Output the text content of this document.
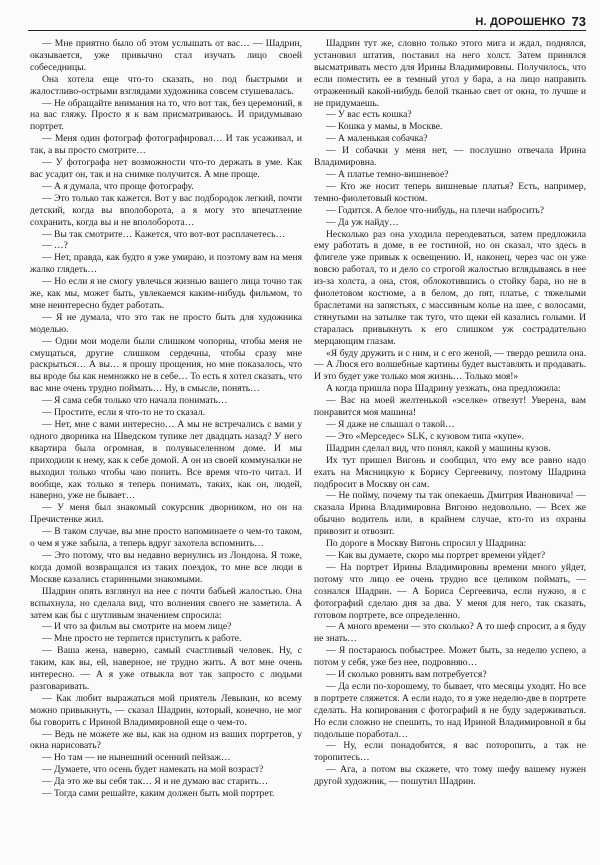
Н. ДОРОШЕНКО 73

— Мне приятно было об этом услышать от вас… — Шадрин, оказывается, уже привычно стал изучать лицо своей собеседницы.

Она хотела еще что-то сказать, но под быстрыми и жалостливо-острыми взглядами художника совсем стушевалась.

— Не обращайте внимания на то, что вот так, без церемоний, я на вас гляжу. Просто я к вам присматриваюсь. И придумываю портрет.

— Меня один фотограф фотографировал… И так усаживал, и так, а вы просто смотрите…

— У фотографа нет возможности что-то держать в уме. Как вас усадит он, так и на снимке получится. А мне проще.

— А я думала, что проще фотографу.

— Это только так кажется. Вот у вас подбородок легкий, почти детский, когда вы вполоборота, а я могу это впечатление сохранить, когда вы и не вполоборота…

— Вы так смотрите… Кажется, что вот-вот расплачетесь…

— …?

— Нет, правда, как будто я уже умираю, и поэтому вам на меня жалко глядеть…

— Но если я не смогу увлечься жизнью вашего лица точно так же, как мы, может быть, увлекаемся каким-нибудь фильмом, то мне неинтересно будет работать.

— Я не думала, что это так не просто быть для художника моделью.

— Одни мои модели были слишком чопорны, чтобы меня не смущаться, другие слишком сердечны, чтобы сразу мне раскрыться… А вы… я прошу прощения, но мне показалось, что вы вроде бы как немножко не в себе… То есть я хотел сказать, что вас мне очень трудно поймать… Ну, в смысле, понять…

— Я сама себя только что начала понимать…

— Простите, если я что-то не то сказал.

— Нет, мне с вами интересно… А мы не встречались с вами у одного дворника на Шведском тупике лет двадцать назад? У него квартира была огромная, в полувыселенном доме. И мы приходили к нему, как к себе домой. А он из своей коммуналки не выходил только чтобы чаю попить. Все время что-то читал. И вообще, как только я теперь понимать, таких, как он, людей, наверно, уже не бывает…

— У меня был знакомый сокурсник дворником, но он на Пречистенке жил.

— В таком случае, вы мне просто напоминаете о чем-то таком, о чем я уже забыла, а теперь вдруг захотела вспомнить…

— Это потому, что вы недавно вернулись из Лондона. Я тоже, когда домой возвращался из таких поездок, то мне все люди в Москве казались старинными знакомыми.

Шадрин опять взглянул на нее с почти бабьей жалостью. Она вспыхнула, но сделала вид, что волнения своего не заметила. А затем как бы с шутливым значением спросила:

— И что за фильм вы смотрите на моем лице?

— Мне просто не терпится приступить к работе.

— Ваша жена, наверно, самый счастливый человек. Ну, с таким, как вы, ей, наверное, не трудно жить. А вот мне очень интересно. — А я уже отвыкла вот так запросто с людьми разговаривать.

— Как любит выражаться мой приятель Левыкин, ко всему можно привыкнуть, — сказал Шадрин, который, конечно, не мог бы говорить с Ириной Владимировной еще о чем-то.

— Ведь не можете же вы, как на одном из ваших портретов, у окна нарисовать?

— Но там — не нынешний осенний пейзаж…

— Думаете, что осень будет намекать на мой возраст?

— Да это же вы себя так… Я и не думаю вас старить…

— Тогда сами решайте, каким должен быть мой портрет.

Шадрин тут же, словно только этого мига и ждал, поднялся, установил штатив, поставил на него холст. Затем принялся высматривать место для Ирины Владимировны. Получилось, что если поместить ее в темный угол у бара, а на лицо направить отраженный какой-нибудь белой тканью свет от окна, то лучше и не придумаешь.

— У вас есть кошка?

— Кошка у мамы, в Москве.

— А маленькая собачка?

— И собачки у меня нет, — послушно отвечала Ирина Владимировна.

— А платье темно-вишневое?

— Кто же носит теперь вишневые платья? Есть, например, темно-фиолетовый костюм.

— Годится. А белое что-нибудь, на плечи набросить?

— Да уж найду…

Несколько раз она уходила переодеваться, затем предложила ему работать в доме, в ее гостиной, но он сказал, что здесь в флигеле уже привык к освещению. И, наконец, через час он уже вовсю работал, то и дело со строгой жалостью вглядываясь в нее из-за холста, а она, стоя, облокотившись о стойку бара, но не в фиолетовом костюме, а в белом, до пят, платье, с тяжелыми браслетами на запястьях, с массивным колье на шее, с волосами, стянутыми на затылке так туго, что щеки ей казались голыми. И старалась привыкнуть к его слишком уж сострадательно мерцающим глазам.

«Я буду дружить и с ним, и с его женой, — твердо решила она. — А Люся его волшебные картины будет выставлять и продавать. И это будет уже только моя жизнь… Только моя!»

А когда пришла пора Шадрину уезжать, она предложила:

— Вас на моей желтенькой «эселке» отвезут! Уверена, вам понравится моя машина!

— Я даже не слышал о такой…

— Это «Мерседес» SLK, с кузовом типа «купе».

Шадрин сделал вид, что понял, какой у машины кузов.

Их тут пришел Вигонь и сообщил, что ему все равно надо ехать на Мясницкую к Борису Сергеевичу, поэтому Шадрина подбросит в Москву он сам.

— Не пойму, почему ты так опекаешь Дмитрия Ивановича! — сказала Ирина Владимировна Вигоню недовольно. — Всех же обычно водитель или, в крайнем случае, кто-то из охраны привозит и отвозит.

По дороге в Москву Вигонь спросил у Шадрина:

— Как вы думаете, скоро мы портрет времени уйдет?

— На портрет Ирины Владимировны времени много уйдет, потому что лицо ее очень трудно все целиком поймать, — сознался Шадрин. — А Бориса Сергеевича, если нужно, я с фотографий сделаю дня за два. У меня для него, так сказать, готовом портрете, все определенно.

— А много времени — это сколько? А то шеф спросит, а я буду не знать…

— Я постараюсь побыстрее. Может быть, за неделю успею, а потом у себя, уже без нее, подровняю…

— И сколько ровнять вам потребуется?

— Да если по-хорошему, то бывает, что месяцы уходят. Но все в портрете сляжется. А если надо, то я уже неделю-две в портрете сделать. На копирования с фотографий я не буду задерживаться. Но если сложно не спешить, то над Ириной Владимировной я бы подольше поработал…

— Ну, если понадобится, я вас поторопить, а так не торопитесь…

— Ага, а потом вы скажете, что тому шефу вашему нужен другой художник, — пошутил Шадрин.
